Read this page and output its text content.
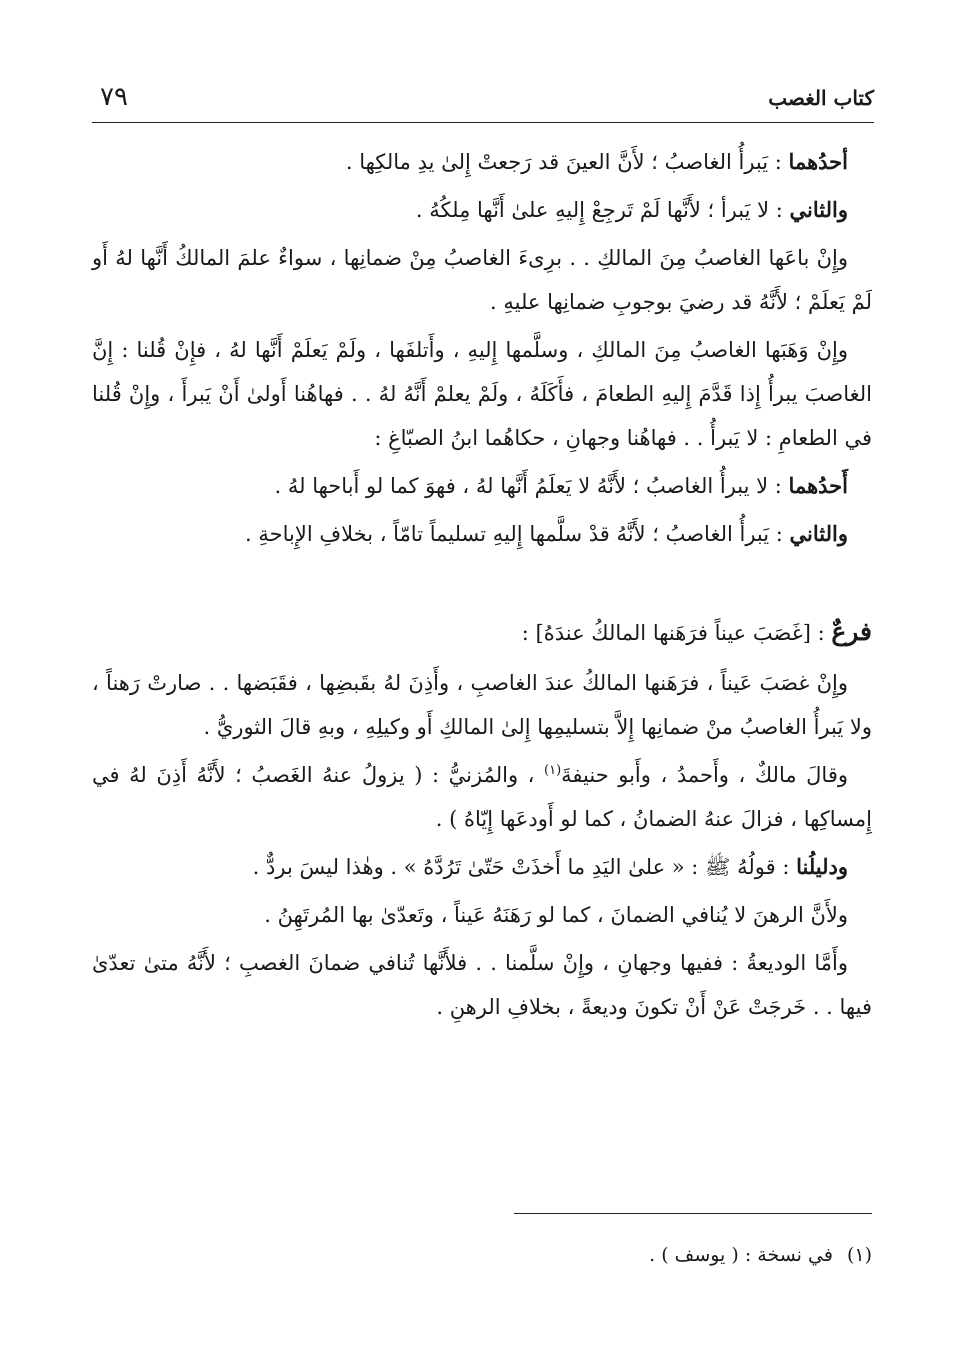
كتاب الغصب
٧٩

أحدُهما : يَبرأُ الغاصبُ ؛ لأَنَّ العينَ قد رَجعتْ إِلىٰ يدِ مالكِها .

والثاني : لا يَبرأ ؛ لأَنَّها لَمْ تَرجِعْ إِليهِ علىٰ أَنَّها مِلكُهُ .

وإِنْ باعَها الغاصبُ مِنَ المالكِ . . برِىءَ الغاصبُ مِنْ ضمانِها ، سواءٌ علمَ المالكُ أَنَّها لهُ أَو لَمْ يَعلَمْ ؛ لأَنَّهُ قد رضيَ بوجوبِ ضمانِها عليهِ .

وإِنْ وَهَبَها الغاصبُ مِنَ المالكِ ، وسلَّمها إِليهِ ، وأَتلفَها ، ولَمْ يَعلَمْ أَنَّها لهُ ، فإِنْ قُلنا : إِنَّ الغاصبَ يبرأُ إِذا قَدَّمَ إِليهِ الطعامَ ، فأَكَلَهُ ، ولَمْ يعلمْ أَنَّهُ لهُ . . فهاهُنا أَولىٰ أَنْ يَبرأَ ، وإِنْ قُلنا في الطعامِ : لا يَبرأُ . . فهاهُنا وجهانِ ، حكاهُما ابنُ الصبّاغِ :

أَحدُهما : لا يبرأُ الغاصبُ ؛ لأَنَّهُ لا يَعلَمُ أَنَّها لهُ ، فهوَ كما لو أَباحها لهُ .

والثاني : يَبرأُ الغاصبُ ؛ لأَنَّهُ قدْ سلَّمها إِليهِ تسليماً تامّاً ، بخلافِ الإِباحةِ .

فرعٌ : [غَصَبَ عيناً فرَهَنها المالكُ عندَهُ] :

وإِنْ غصَبَ عَيناً ، فرَهَنها المالكُ عندَ الغاصبِ ، وأَذِنَ لهُ بقَبضِها ، فقَبَضها . . صارتْ رَهناً ، ولا يَبرأُ الغاصبُ منْ ضمانِها إِلاَّ بتسليمِها إِلىٰ المالكِ أَو وكيلِهِ ، وبهِ قالَ الثوريُّ .

وقالَ مالكٌ ، وأَحمدُ ، وأَبو حنيفةَ$^{(١)}$ ، والمُزنيُّ : ( يزولُ عنهُ الغَصبُ ؛ لأَنَّهُ أَذِنَ لهُ في إِمساكِها ، فزالَ عنهُ الضمانُ ، كما لو أَودعَها إِيّاهُ ) .

ودليلُنا : قولُهُ ﷺ : « علىٰ اليَدِ ما أَخذَتْ حَتّىٰ تَرُدَّهُ » . وهٰذا ليسَ بردٌّ .

ولأَنَّ الرهنَ لا يُنافي الضمانَ ، كما لو رَهَنَهُ عَيناً ، وتَعدّىٰ بها المُرتَهِنُ .

وأَمَّا الوديعةُ : ففيها وجهانِ ، وإِنْ سلَّمنا . . فلأَنَّها تُنافي ضمانَ الغصبِ ؛ لأَنَّهُ متىٰ تعدّىٰ فيها . . خَرجَتْ عَنْ أَنْ تكونَ وديعةً ، بخلافِ الرهنِ .

(١)في نسخة : ( يوسف ) .
